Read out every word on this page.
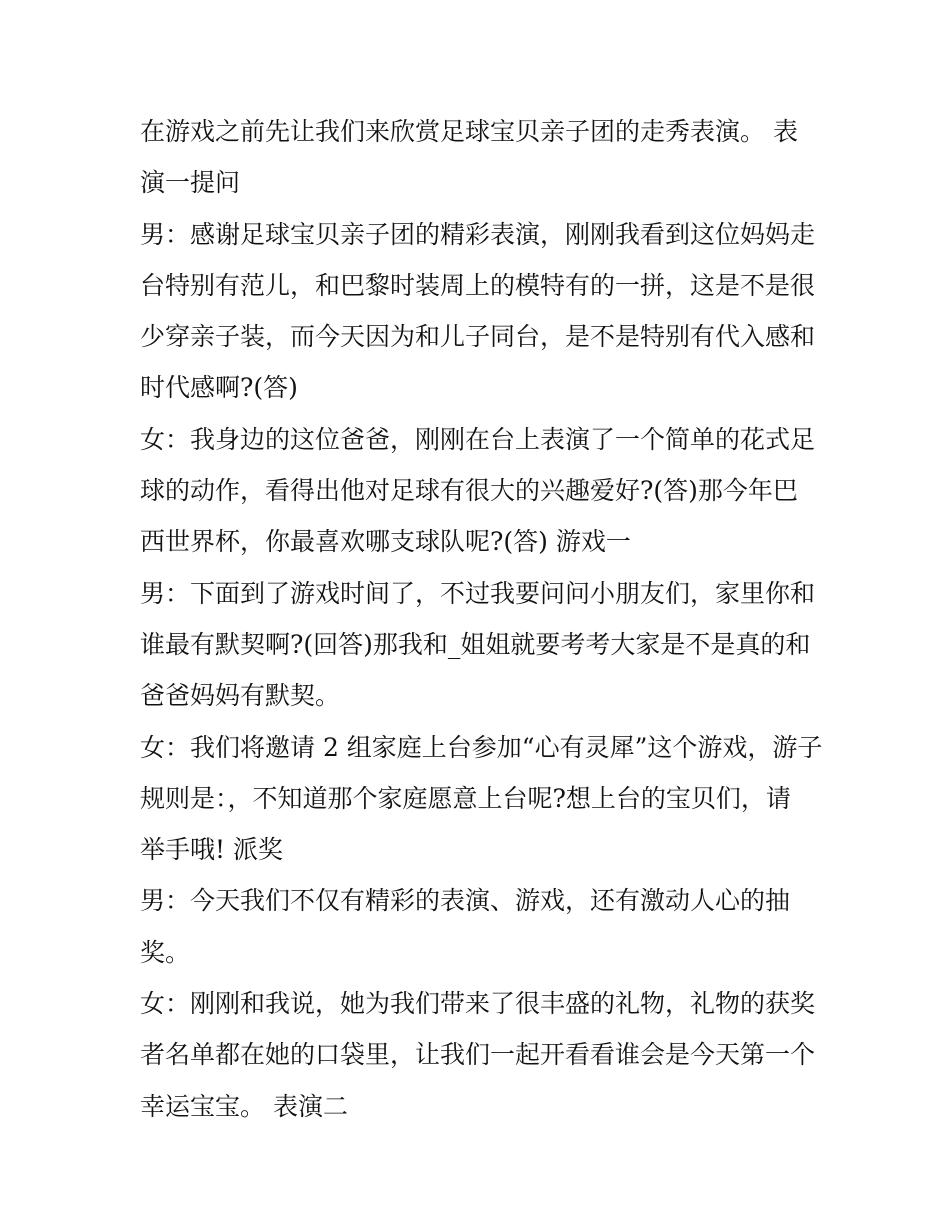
在游戏之前先让我们来欣赏足球宝贝亲子团的走秀表演。 表
演一提问
男：感谢足球宝贝亲子团的精彩表演，刚刚我看到这位妈妈走
台特别有范儿，和巴黎时装周上的模特有的一拼，这是不是很
少穿亲子装，而今天因为和儿子同台，是不是特别有代入感和
时代感啊?(答)
女：我身边的这位爸爸，刚刚在台上表演了一个简单的花式足
球的动作，看得出他对足球有很大的兴趣爱好?(答)那今年巴
西世界杯，你最喜欢哪支球队呢?(答) 游戏一
男：下面到了游戏时间了，不过我要问问小朋友们，家里你和
谁最有默契啊?(回答)那我和_姐姐就要考考大家是不是真的和
爸爸妈妈有默契。
女：我们将邀请 2 组家庭上台参加“心有灵犀”这个游戏，游子
规则是：，不知道那个家庭愿意上台呢?想上台的宝贝们，请
举手哦! 派奖
男：今天我们不仅有精彩的表演、游戏，还有激动人心的抽
奖。
女：刚刚和我说，她为我们带来了很丰盛的礼物，礼物的获奖
者名单都在她的口袋里，让我们一起开看看谁会是今天第一个
幸运宝宝。 表演二
